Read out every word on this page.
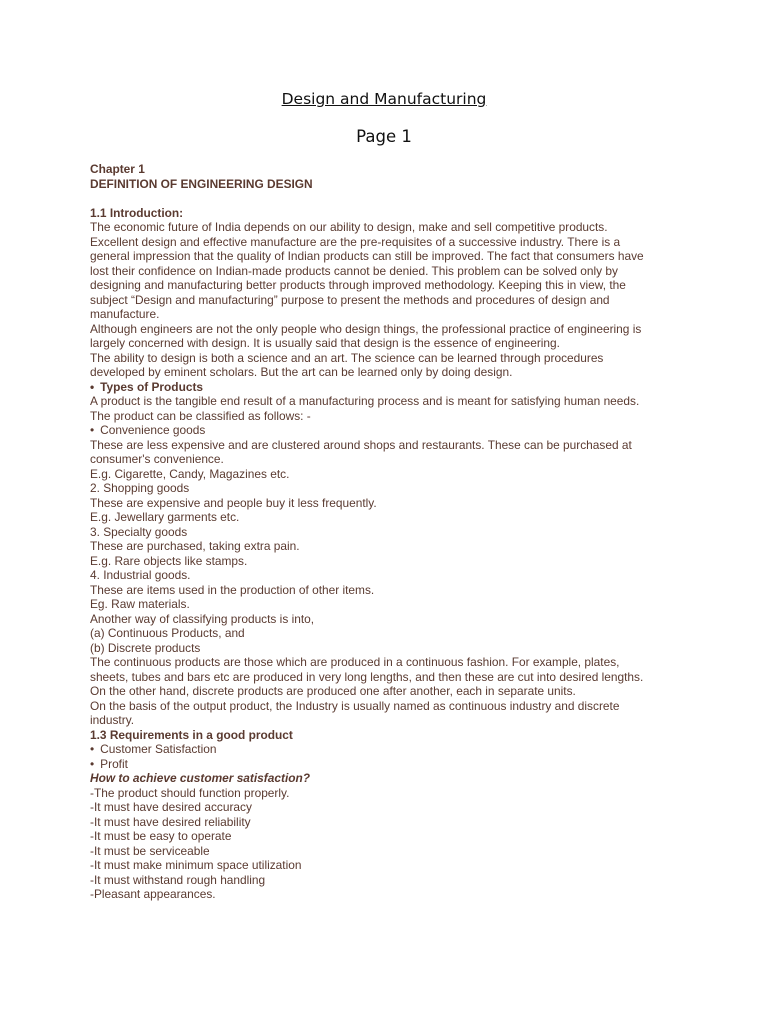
Design and Manufacturing
Page 1
Chapter 1
DEFINITION OF ENGINEERING DESIGN
1.1 Introduction:
The economic future of India depends on our ability to design, make and sell competitive products.
Excellent design and effective manufacture are the pre-requisites of a successive industry. There is a
general impression that the quality of Indian products can still be improved. The fact that consumers have
lost their confidence on Indian-made products cannot be denied. This problem can be solved only by
designing and manufacturing better products through improved methodology. Keeping this in view, the
subject “Design and manufacturing” purpose to present the methods and procedures of design and
manufacture.
Although engineers are not the only people who design things, the professional practice of engineering is
largely concerned with design. It is usually said that design is the essence of engineering.
The ability to design is both a science and an art. The science can be learned through procedures
developed by eminent scholars. But the art can be learned only by doing design.
• Types of Products
A product is the tangible end result of a manufacturing process and is meant for satisfying human needs.
The product can be classified as follows: -
• Convenience goods
These are less expensive and are clustered around shops and restaurants. These can be purchased at
consumer's convenience.
E.g. Cigarette, Candy, Magazines etc.
2. Shopping goods
These are expensive and people buy it less frequently.
E.g. Jewellary garments etc.
3. Specialty goods
These are purchased, taking extra pain.
E.g. Rare objects like stamps.
4. Industrial goods.
These are items used in the production of other items.
Eg. Raw materials.
Another way of classifying products is into,
(a) Continuous Products, and
(b) Discrete products
The continuous products are those which are produced in a continuous fashion. For example, plates,
sheets, tubes and bars etc are produced in very long lengths, and then these are cut into desired lengths.
On the other hand, discrete products are produced one after another, each in separate units.
On the basis of the output product, the Industry is usually named as continuous industry and discrete
industry.
1.3 Requirements in a good product
• Customer Satisfaction
• Profit
How to achieve customer satisfaction?
-The product should function properly.
-It must have desired accuracy
-It must have desired reliability
-It must be easy to operate
-It must be serviceable
-It must make minimum space utilization
-It must withstand rough handling
-Pleasant appearances.
